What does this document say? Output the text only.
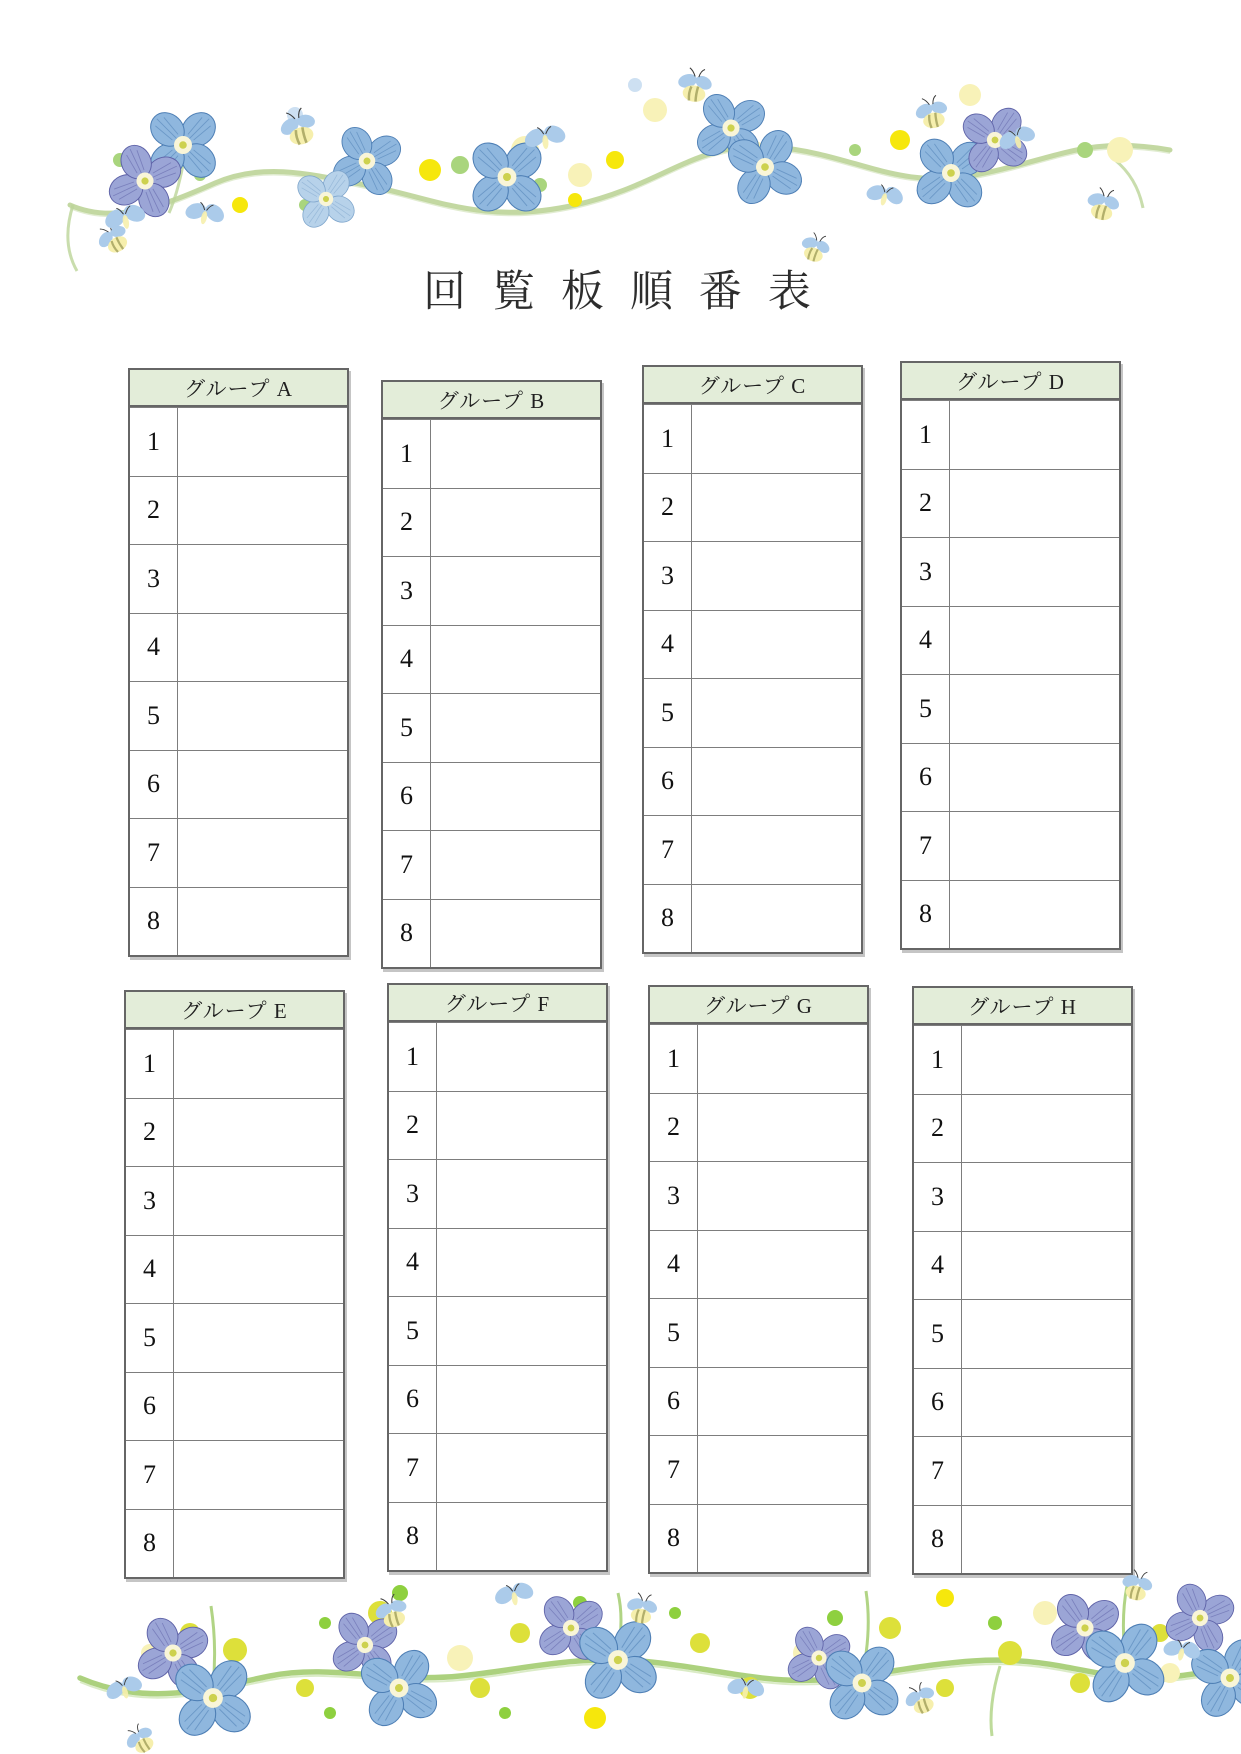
回 覧 板 順 番 表
グループ A
1
2
3
4
5
6
7
8
グループ B
1
2
3
4
5
6
7
8
グループ C
1
2
3
4
5
6
7
8
グループ D
1
2
3
4
5
6
7
8
グループ E
1
2
3
4
5
6
7
8
グループ F
1
2
3
4
5
6
7
8
グループ G
1
2
3
4
5
6
7
8
グループ H
1
2
3
4
5
6
7
8
